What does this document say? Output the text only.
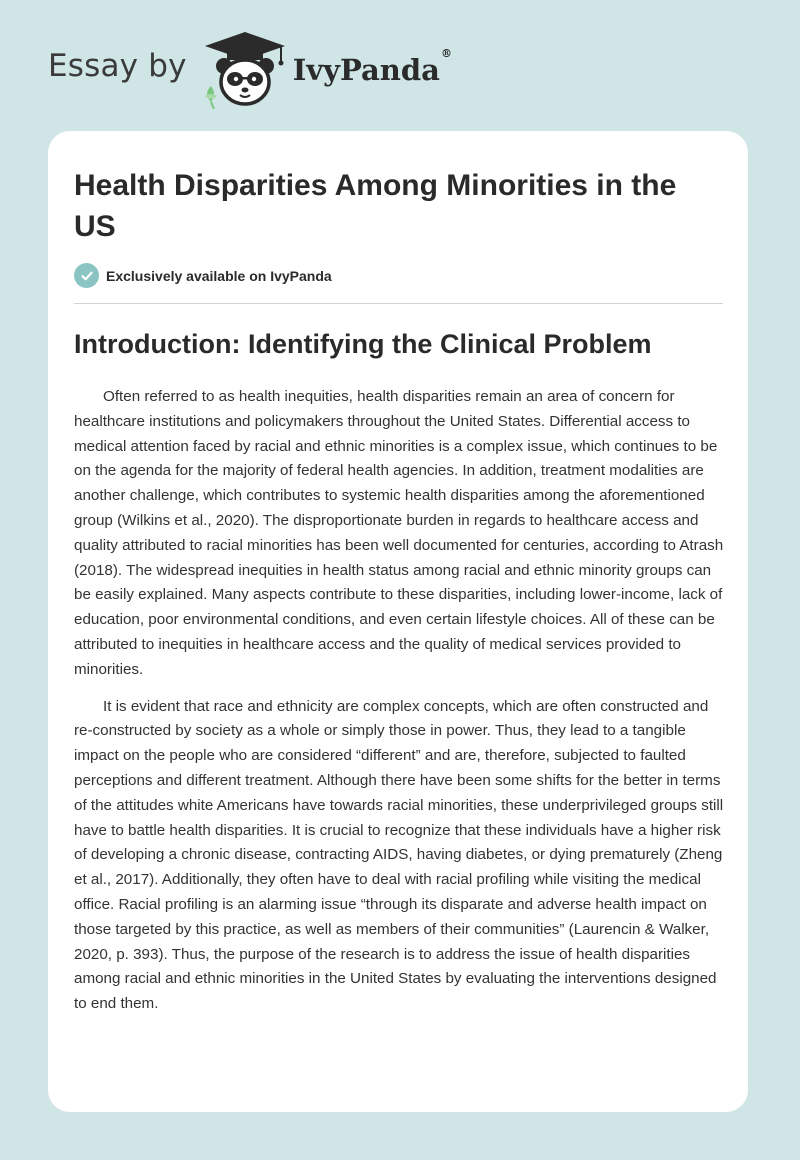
Essay by	IvyPanda®
Health Disparities Among Minorities in the US
Exclusively available on IvyPanda
Introduction: Identifying the Clinical Problem

Often referred to as health inequities, health disparities remain an area of concern for healthcare institutions and policymakers throughout the United States. Differential access to medical attention faced by racial and ethnic minorities is a complex issue, which continues to be on the agenda for the majority of federal health agencies. In addition, treatment modalities are another challenge, which contributes to systemic health disparities among the aforementioned group (Wilkins et al., 2020). The disproportionate burden in regards to healthcare access and quality attributed to racial minorities has been well documented for centuries, according to Atrash (2018). The widespread inequities in health status among racial and ethnic minority groups can be easily explained. Many aspects contribute to these disparities, including lower-income, lack of education, poor environmental conditions, and even certain lifestyle choices. All of these can be attributed to inequities in healthcare access and the quality of medical services provided to minorities.

It is evident that race and ethnicity are complex concepts, which are often constructed and re-constructed by society as a whole or simply those in power. Thus, they lead to a tangible impact on the people who are considered “different” and are, therefore, subjected to faulted perceptions and different treatment. Although there have been some shifts for the better in terms of the attitudes white Americans have towards racial minorities, these underprivileged groups still have to battle health disparities. It is crucial to recognize that these individuals have a higher risk of developing a chronic disease, contracting AIDS, having diabetes, or dying prematurely (Zheng et al., 2017). Additionally, they often have to deal with racial profiling while visiting the medical office. Racial profiling is an alarming issue “through its disparate and adverse health impact on those targeted by this practice, as well as members of their communities” (Laurencin & Walker, 2020, p. 393). Thus, the purpose of the research is to address the issue of health disparities among racial and ethnic minorities in the United States by evaluating the interventions designed to end them.
